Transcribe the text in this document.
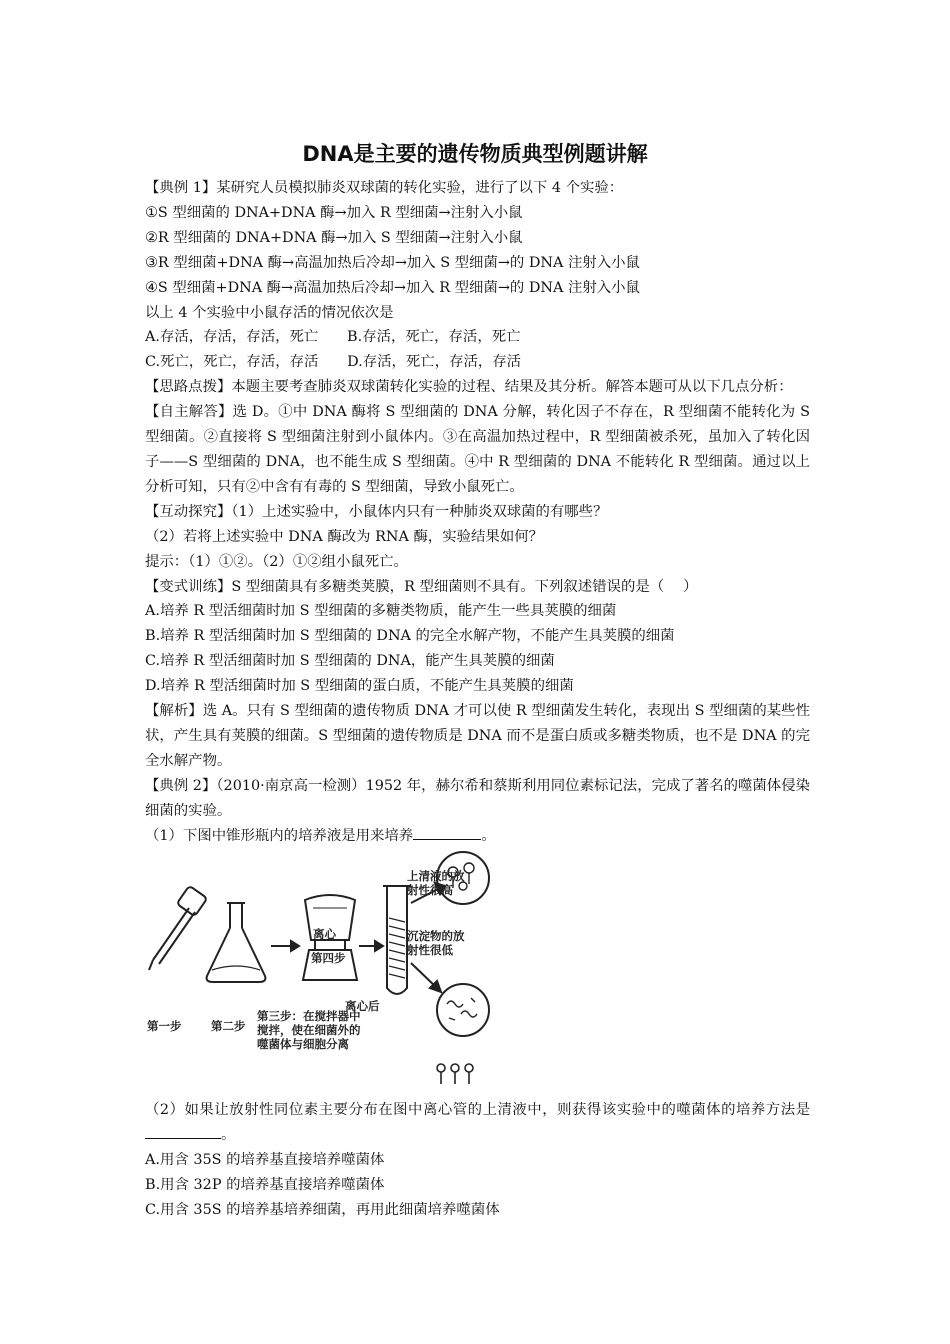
DNA是主要的遗传物质典型例题讲解

【典例 1】某研究人员模拟肺炎双球菌的转化实验，进行了以下 4 个实验：

①S 型细菌的 DNA+DNA 酶→加入 R 型细菌→注射入小鼠

②R 型细菌的 DNA+DNA 酶→加入 S 型细菌→注射入小鼠

③R 型细菌+DNA 酶→高温加热后冷却→加入 S 型细菌→的 DNA 注射入小鼠

④S 型细菌+DNA 酶→高温加热后冷却→加入 R 型细菌→的 DNA 注射入小鼠

以上 4 个实验中小鼠存活的情况依次是

A.存活，存活，存活，死亡　　B.存活，死亡，存活，死亡

C.死亡，死亡，存活，存活　　D.存活，死亡，存活，存活

【思路点拨】本题主要考查肺炎双球菌转化实验的过程、结果及其分析。解答本题可从以下几点分析：

【自主解答】选 D。①中 DNA 酶将 S 型细菌的 DNA 分解，转化因子不存在，R 型细菌不能转化为 S 型细菌。②直接将 S 型细菌注射到小鼠体内。③在高温加热过程中，R 型细菌被杀死，虽加入了转化因子——S 型细菌的 DNA，也不能生成 S 型细菌。④中 R 型细菌的 DNA 不能转化 R 型细菌。通过以上分析可知，只有②中含有有毒的 S 型细菌，导致小鼠死亡。

【互动探究】（1）上述实验中，小鼠体内只有一种肺炎双球菌的有哪些？

（2）若将上述实验中 DNA 酶改为 RNA 酶，实验结果如何？

提示：（1）①②。（2）①②组小鼠死亡。

【变式训练】S 型细菌具有多糖类荚膜，R 型细菌则不具有。下列叙述错误的是（　 ）

A.培养 R 型活细菌时加 S 型细菌的多糖类物质，能产生一些具荚膜的细菌

B.培养 R 型活细菌时加 S 型细菌的 DNA 的完全水解产物，不能产生具荚膜的细菌

C.培养 R 型活细菌时加 S 型细菌的 DNA，能产生具荚膜的细菌

D.培养 R 型活细菌时加 S 型细菌的蛋白质，不能产生具荚膜的细菌

【解析】选 A。只有 S 型细菌的遗传物质 DNA 才可以使 R 型细菌发生转化，表现出 S 型细菌的某些性状，产生具有荚膜的细菌。S 型细菌的遗传物质是 DNA 而不是蛋白质或多糖类物质，也不是 DNA 的完全水解产物。

【典例 2】（2010·南京高一检测）1952 年，赫尔希和蔡斯利用同位素标记法，完成了著名的噬菌体侵染细菌的实验。

（1）下图中锥形瓶内的培养液是用来培养	。

第一步	第二步
第三步：在搅拌器中
搅拌，使在细菌外的
噬菌体与细胞分离
离心
第四步
离心后
上清液的放
射性很高
沉淀物的放
射性很低

（2）如果让放射性同位素主要分布在图中离心管的上清液中，则获得该实验中的噬菌体的培养方法是。

A.用含 35S 的培养基直接培养噬菌体

B.用含 32P 的培养基直接培养噬菌体

C.用含 35S 的培养基培养细菌，再用此细菌培养噬菌体
